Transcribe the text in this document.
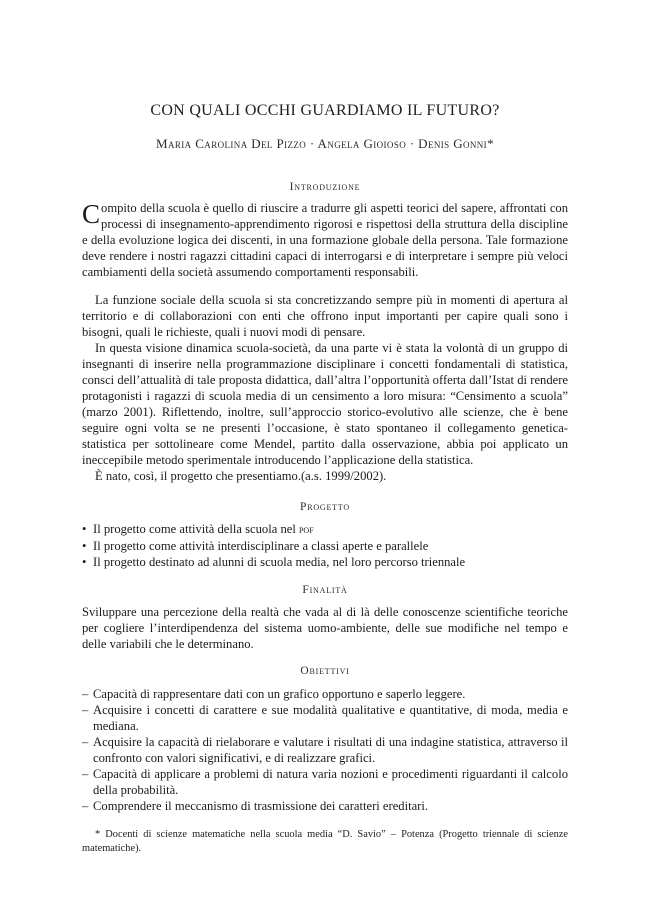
CON QUALI OCCHI GUARDIAMO IL FUTURO?
Maria Carolina Del Pizzo · Angela Gioioso · Denis Gonni*
Introduzione
Compito della scuola è quello di riuscire a tradurre gli aspetti teorici del sapere, affrontati con processi di insegnamento-apprendimento rigorosi e rispettosi della struttura della discipline e della evoluzione logica dei discenti, in una formazione globale della persona. Tale formazione deve rendere i nostri ragazzi cittadini capaci di interrogarsi e di interpretare i sempre più veloci cambiamenti della società assumendo comportamenti responsabili.
La funzione sociale della scuola si sta concretizzando sempre più in momenti di apertura al territorio e di collaborazioni con enti che offrono input importanti per capire quali sono i bisogni, quali le richieste, quali i nuovi modi di pensare.
In questa visione dinamica scuola-società, da una parte vi è stata la volontà di un gruppo di insegnanti di inserire nella programmazione disciplinare i concetti fondamentali di statistica, consci dell’attualità di tale proposta didattica, dall’altra l’opportunità offerta dall’Istat di rendere protagonisti i ragazzi di scuola media di un censimento a loro misura: “Censimento a scuola” (marzo 2001). Riflettendo, inoltre, sull’approccio storico-evolutivo alle scienze, che è bene seguire ogni volta se ne presenti l’occasione, è stato spontaneo il collegamento genetica-statistica per sottolineare come Mendel, partito dalla osservazione, abbia poi applicato un ineccepibile metodo sperimentale introducendo l’applicazione della statistica.
È nato, così, il progetto che presentiamo.(a.s. 1999/2002).
Progetto
• Il progetto come attività della scuola nel pof
• Il progetto come attività interdisciplinare a classi aperte e parallele
• Il progetto destinato ad alunni di scuola media, nel loro percorso triennale
Finalità
Sviluppare una percezione della realtà che vada al di là delle conoscenze scientifiche teoriche per cogliere l’interdipendenza del sistema uomo-ambiente, delle sue modifiche nel tempo e delle variabili che le determinano.
Obiettivi
– Capacità di rappresentare dati con un grafico opportuno e saperlo leggere.
– Acquisire i concetti di carattere e sue modalità qualitative e quantitative, di moda, media e mediana.
– Acquisire la capacità di rielaborare e valutare i risultati di una indagine statistica, attraverso il confronto con valori significativi, e di realizzare grafici.
– Capacità di applicare a problemi di natura varia nozioni e procedimenti riguardanti il calcolo della probabilità.
– Comprendere il meccanismo di trasmissione dei caratteri ereditari.
* Docenti di scienze matematiche nella scuola media “D. Savio” – Potenza (Progetto triennale di scienze matematiche).
